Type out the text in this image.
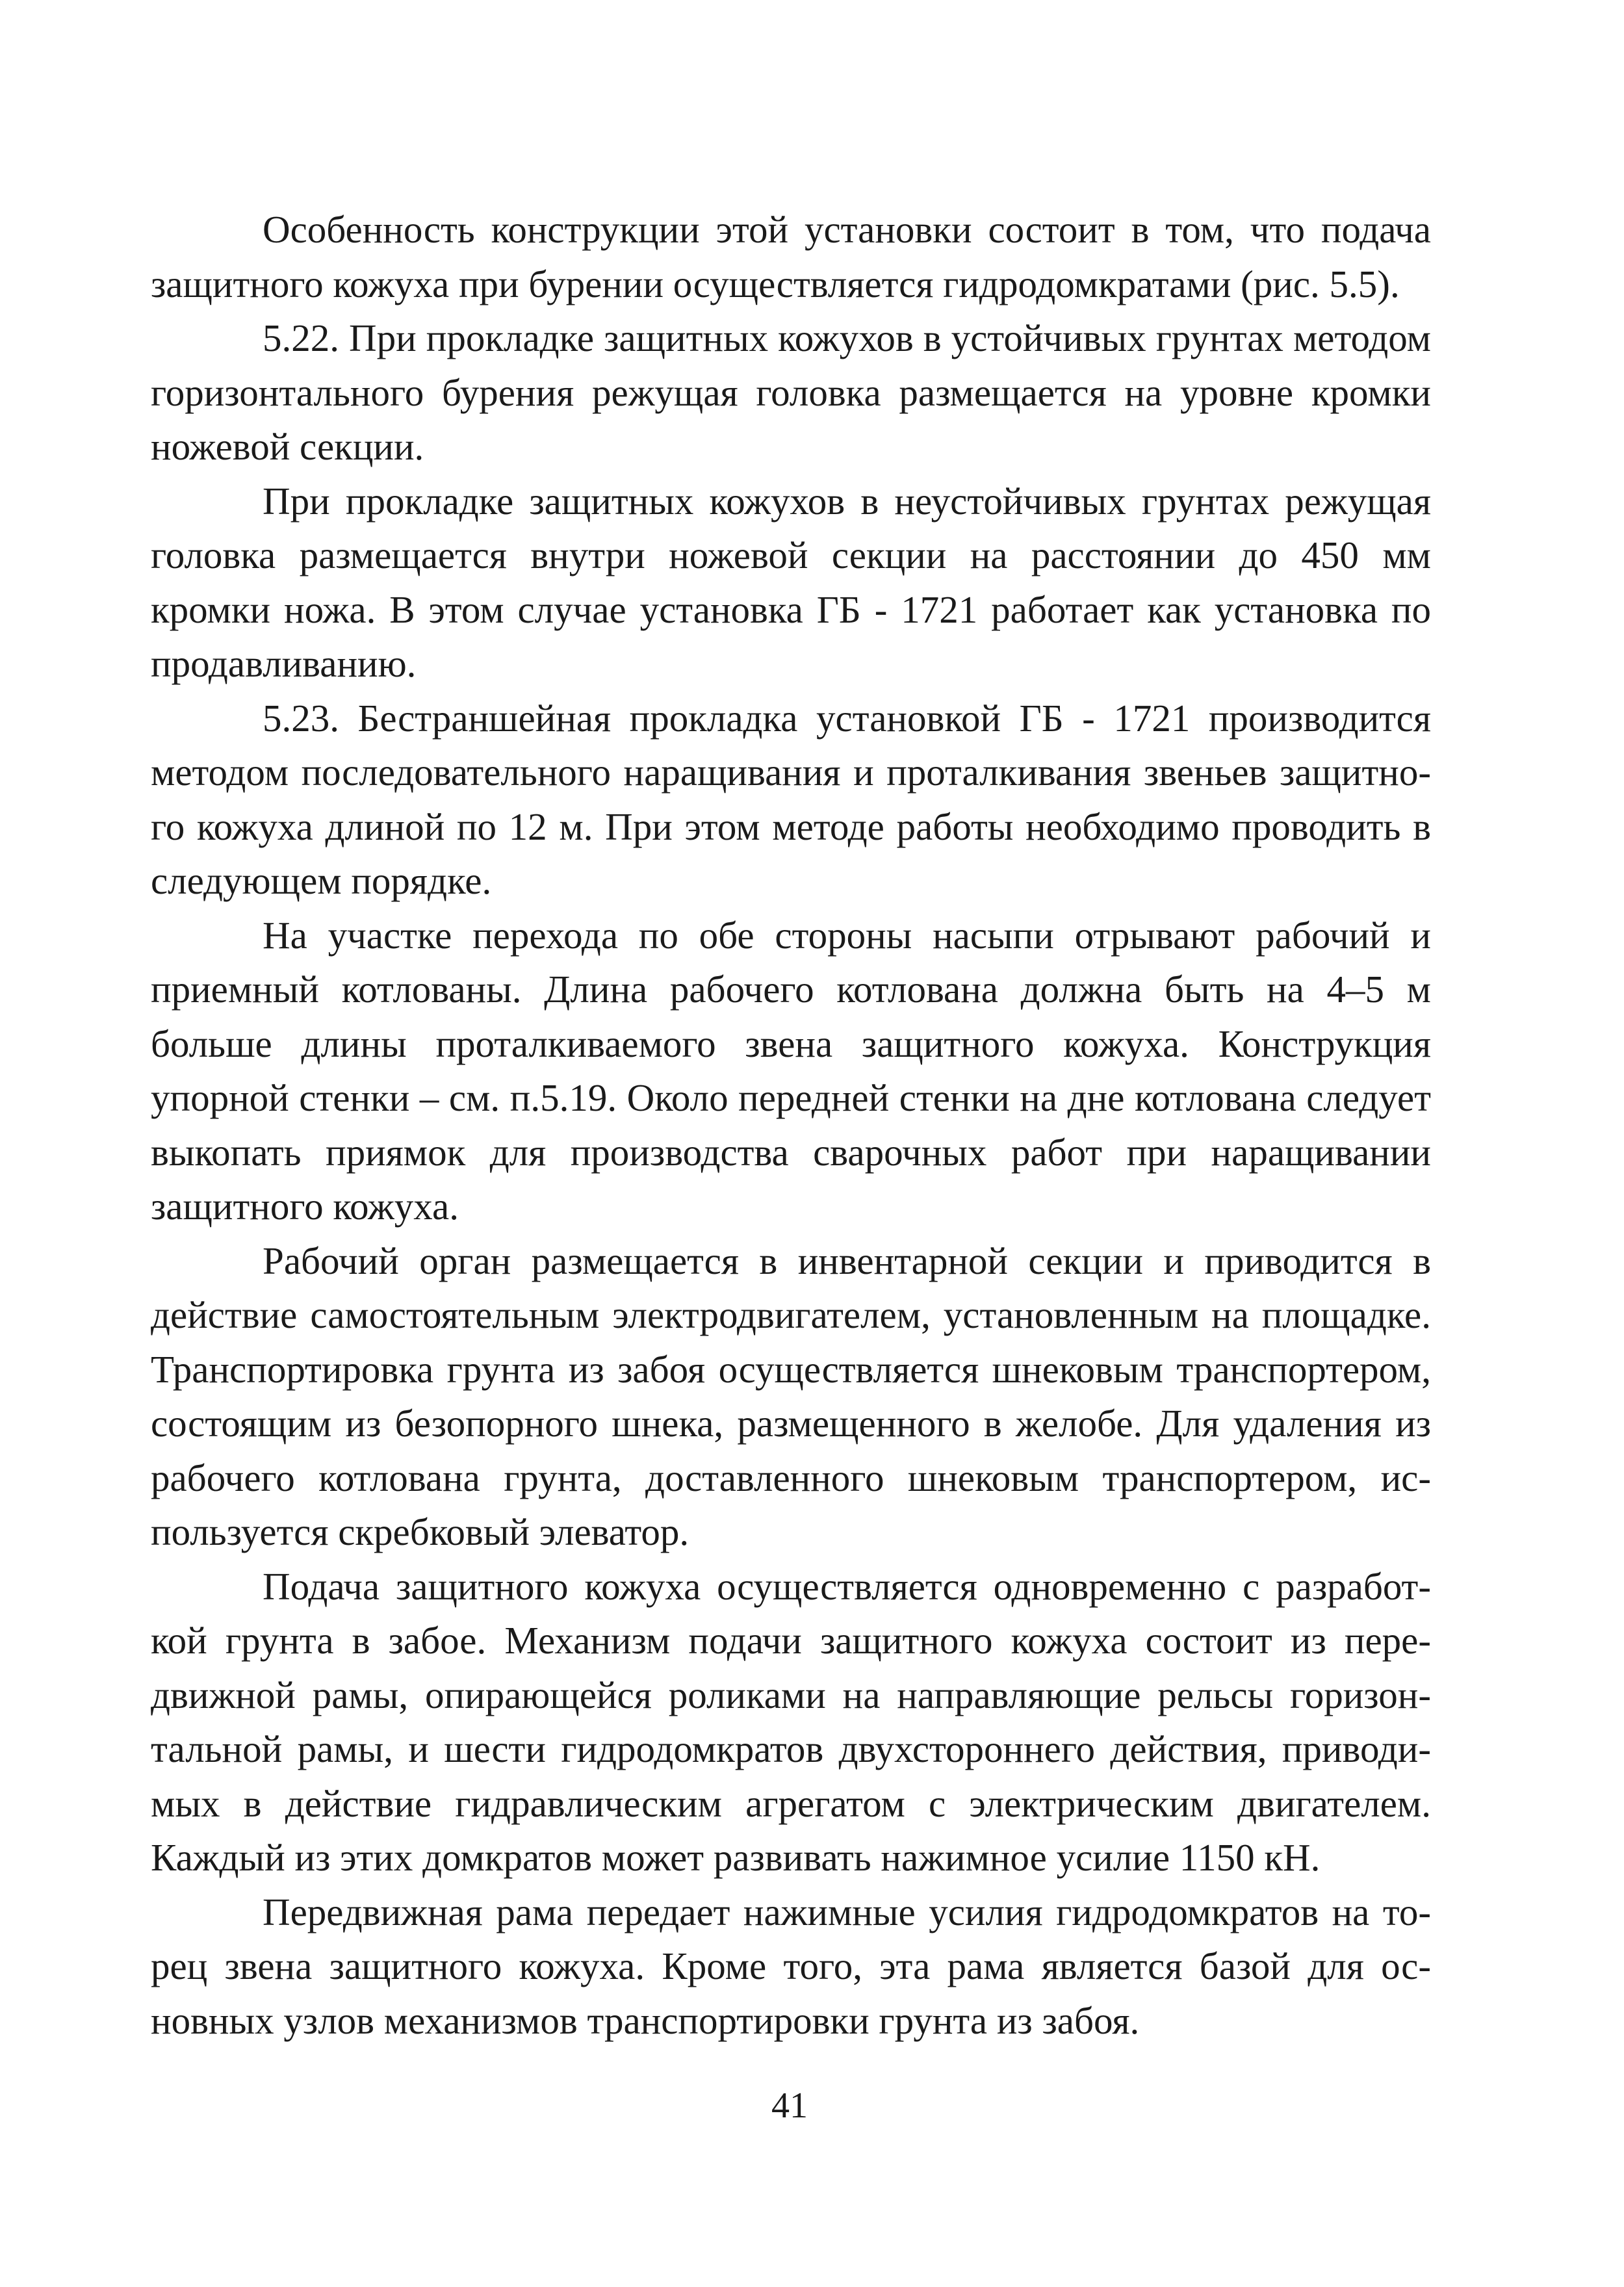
Особенность конструкции этой установки состоит в том, что подача защитного кожуха при бурении осуществляется гидродомкратами (рис. 5.5).

5.22. При прокладке защитных кожухов в устойчивых грунтах методом горизонтального бурения режущая головка размещается на уровне кромки ножевой секции.

При прокладке защитных кожухов в неустойчивых грунтах режущая головка размещается внутри ножевой секции на расстоянии до 450 мм кромки ножа. В этом случае установка ГБ - 1721 работает как установка по продавливанию.

5.23. Бестраншейная прокладка установкой ГБ - 1721 производится методом последовательного наращивания и проталкивания звеньев защитного кожуха длиной по 12 м. При этом методе работы необходимо проводить в следующем порядке.

На участке перехода по обе стороны насыпи отрывают рабочий и приемный котлованы. Длина рабочего котлована должна быть на 4–5 м больше длины проталкиваемого звена защитного кожуха. Конструкция упорной стенки – см. п.5.19. Около передней стенки на дне котлована следует выкопать приямок для производства сварочных работ при наращивании защитного кожуха.

Рабочий орган размещается в инвентарной секции и приводится в действие самостоятельным электродвигателем, установленным на площадке. Транспортировка грунта из забоя осуществляется шнековым транспортером, состоящим из безопорного шнека, размещенного в желобе. Для удаления из рабочего котлована грунта, доставленного шнековым транспортером, используется скребковый элеватор.

Подача защитного кожуха осуществляется одновременно с разработкой грунта в забое. Механизм подачи защитного кожуха состоит из передвижной рамы, опирающейся роликами на направляющие рельсы горизонтальной рамы, и шести гидродомкратов двухстороннего действия, приводимых в действие гидравлическим агрегатом с электрическим двигателем. Каждый из этих домкратов может развивать нажимное усилие 1150 кН.

Передвижная рама передает нажимные усилия гидродомкратов на торец звена защитного кожуха. Кроме того, эта рама является базой для основных узлов механизмов транспортировки грунта из забоя.

41
